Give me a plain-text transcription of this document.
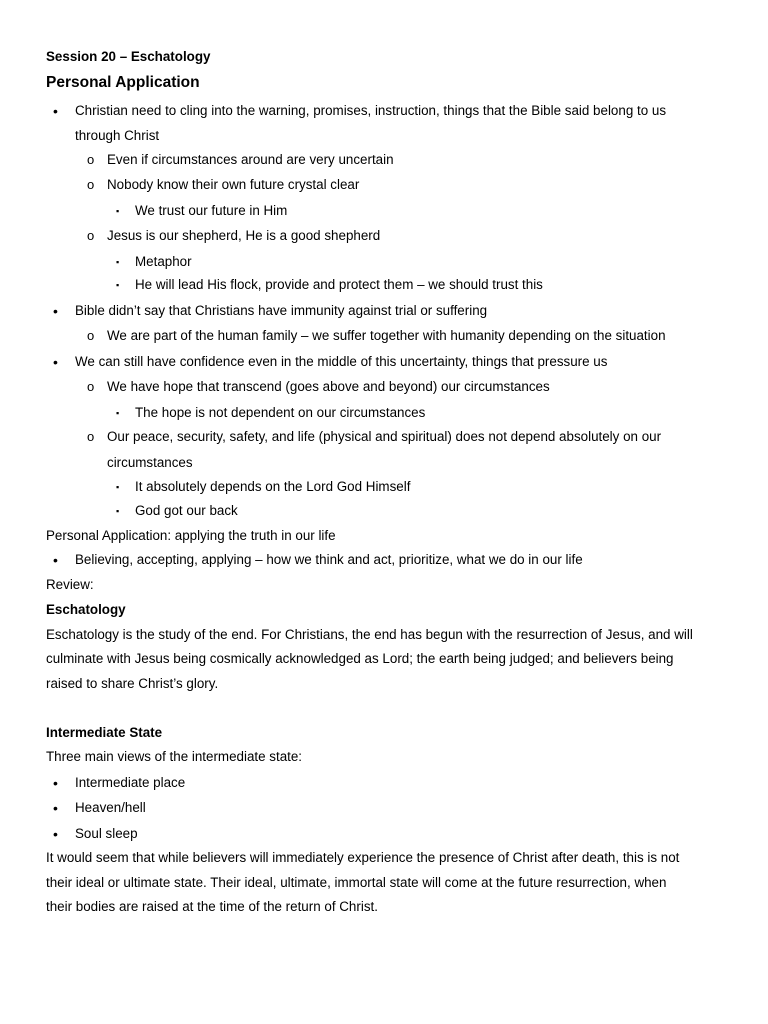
Session 20 – Eschatology
Personal Application
• Christian need to cling into the warning, promises, instruction, things that the Bible said belong to us
through Christ
o Even if circumstances around are very uncertain
o Nobody know their own future crystal clear
▪ We trust our future in Him
o Jesus is our shepherd, He is a good shepherd
▪ Metaphor
▪ He will lead His flock, provide and protect them – we should trust this
• Bible didn’t say that Christians have immunity against trial or suffering
o We are part of the human family – we suffer together with humanity depending on the situation
• We can still have confidence even in the middle of this uncertainty, things that pressure us
o We have hope that transcend (goes above and beyond) our circumstances
▪ The hope is not dependent on our circumstances
o Our peace, security, safety, and life (physical and spiritual) does not depend absolutely on our
circumstances
▪ It absolutely depends on the Lord God Himself
▪ God got our back
Personal Application: applying the truth in our life
• Believing, accepting, applying – how we think and act, prioritize, what we do in our life
Review:
Eschatology
Eschatology is the study of the end. For Christians, the end has begun with the resurrection of Jesus, and will
culminate with Jesus being cosmically acknowledged as Lord; the earth being judged; and believers being
raised to share Christ’s glory.
Intermediate State
Three main views of the intermediate state:
• Intermediate place
• Heaven/hell
• Soul sleep
It would seem that while believers will immediately experience the presence of Christ after death, this is not
their ideal or ultimate state. Their ideal, ultimate, immortal state will come at the future resurrection, when
their bodies are raised at the time of the return of Christ.
